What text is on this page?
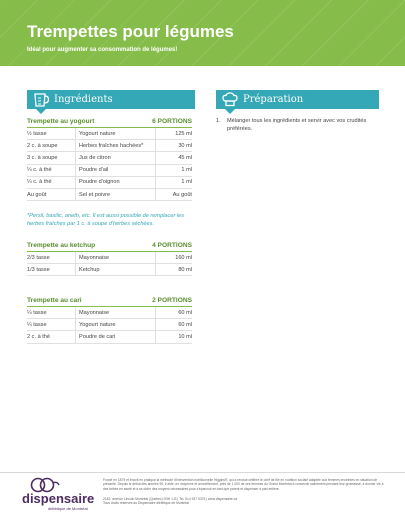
Trempettes pour légumes
Idéal pour augmenter sa consommation de légumes!
Ingrédients	Préparation
Trempette au yogourt	6 PORTIONS
½ tasse	Yogourt nature	125 ml
2 c. à soupe	Herbes fraîches hachées*	30 ml
3 c. à soupe	Jus de citron	45 ml
¼ c. à thé	Poudre d'ail	1 ml
¼ c. à thé	Poudre d'oignon	1 ml
Au goût	Sel et poivre	Au goût
*Persil, basilic, aneth, etc. Il est aussi possible de remplacer les herbes fraîches par 1 c. à soupe d'herbes séchées.
Trempette au ketchup	4 PORTIONS
2/3 tasse	Mayonnaise	160 ml
1/3 tasse	Ketchup	80 ml
Trempette au cari	2 PORTIONS
¼ tasse	Mayonnaise	60 ml
¼ tasse	Yogourt nature	60 ml
2 c. à thé	Poudre de cari	10 ml
1. Mélanger tous les ingrédients et servir avec vos crudités préférées.
dispensaire
diététique de Montréal
Fondé en 1879 et inscrit en pratique la méthode d'intervention nutritionnelle Higgins®, qui a rendue célèbre le chef de file en nutrition sociale adaptée aux femmes enceintes en situation de précarité. Depuis le début des années 90, il aide, en moyenne et annuellement, près de 1 000 de ces femmes du Grand Montréal à concevoir sainement pendant leur grossesse, à donner vie à des bébés en santé et à se doter des moyens nécessaires pour s'épanouir en tant que parent et dispenser à part entière.
2182, avenue Lincoln Montréal (Québec) H3H 1J3 | Tel. 514 937 5375 | www.dispensaire.ca
Tous droits réservés au Dispensaire diététique de Montréal
